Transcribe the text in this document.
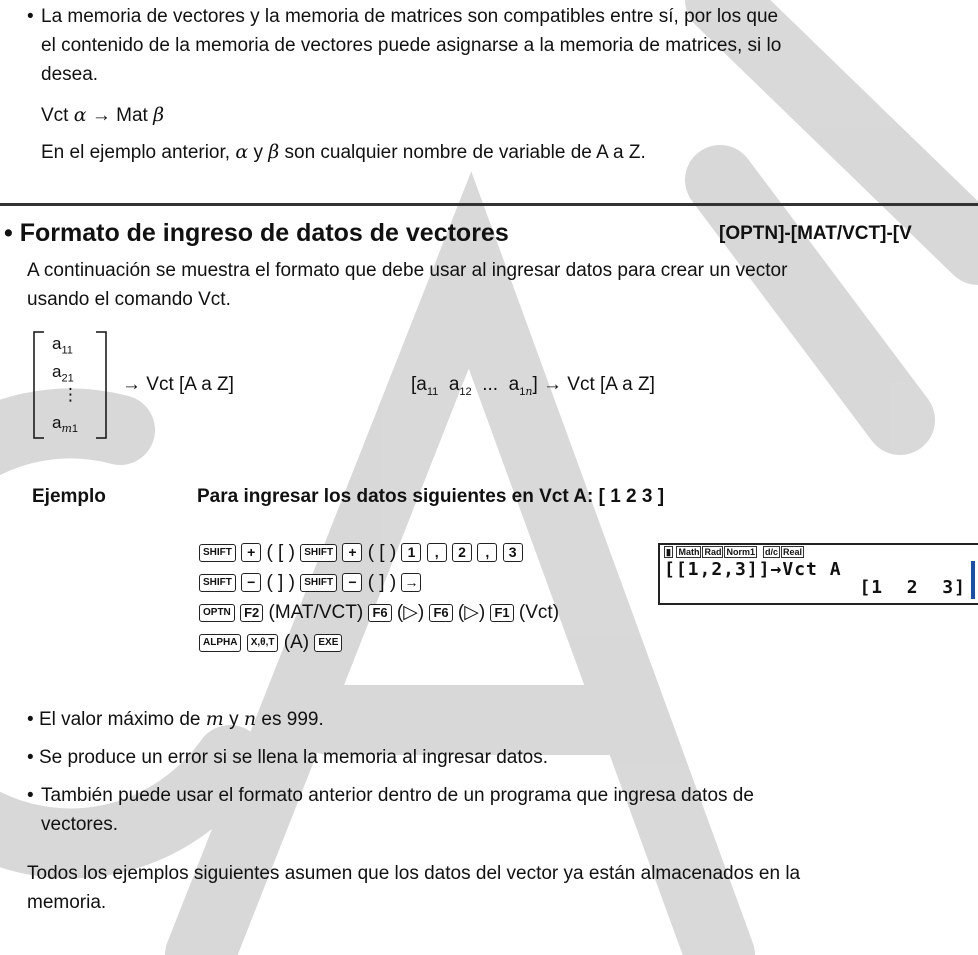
• La memoria de vectores y la memoria de matrices son compatibles entre sí, por los que
el contenido de la memoria de vectores puede asignarse a la memoria de matrices, si lo
desea.
Vct α → Mat β
En el ejemplo anterior, α y β son cualquier nombre de variable de A a Z.
• Formato de ingreso de datos de vectores	[OPTN]-[MAT/VCT]-[V
A continuación se muestra el formato que debe usar al ingresar datos para crear un vector
usando el comando Vct.
$a_{11}$
$a_{21}$
⋮
$a_{m1}$
→ Vct [A a Z]	[$a_{11}$ $a_{12}$ ... $a_{1n}$] → Vct [A a Z]
Ejemplo	Para ingresar los datos siguientes en Vct A: [ 1 2 3 ]
SHIFT + ( [ ) SHIFT + ( [ ) 1 , 2 , 3
SHIFT − ( ] ) SHIFT − ( ] ) →
OPTN F2 (MAT/VCT) F6 (▷) F6 (▷) F1 (Vct)
ALPHA X,θ,T (A) EXE
▮ Math Rad Norm1 d/c Real
[[1,2,3]]→Vct A
[1  2  3]
• El valor máximo de m y n es 999.
• Se produce un error si se llena la memoria al ingresar datos.
• También puede usar el formato anterior dentro de un programa que ingresa datos de
vectores.
Todos los ejemplos siguientes asumen que los datos del vector ya están almacenados en la
memoria.
